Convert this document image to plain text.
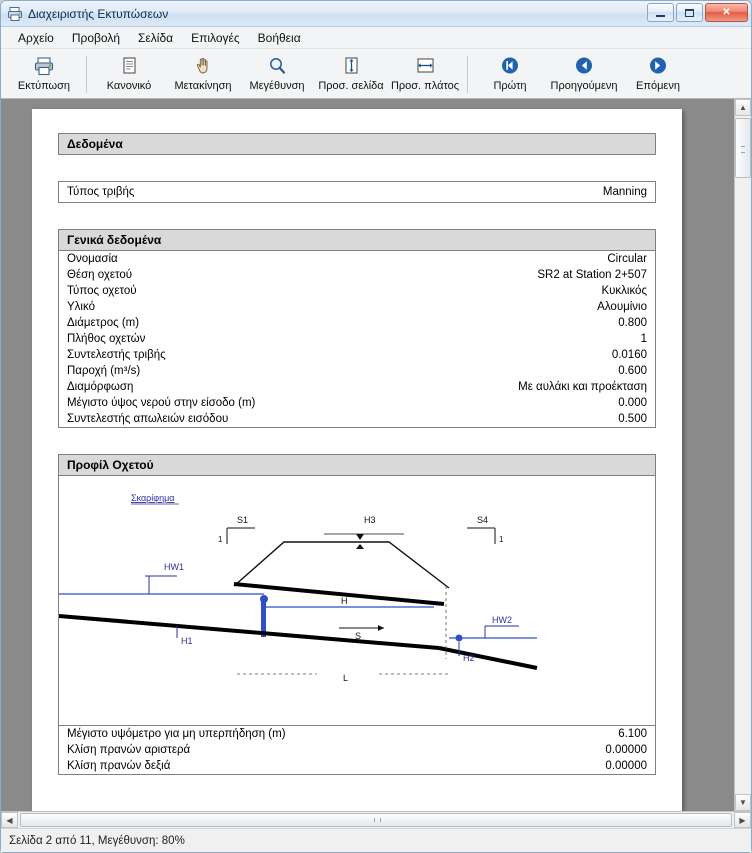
Διαχειριστής Εκτυπώσεων	✕
Αρχείο	Προβολή	Σελίδα	Επιλογές	Βοήθεια
Εκτύπωση	Κανονικό Μετακίνηση Μεγέθυνση Προσ. σελίδα Προσ. πλάτος	Πρώτη Προηγούμενη Επόμενη
Δεδομένα
Τύπος τριβής	Manning
Γενικά δεδομένα
Ονομασία	Circular
Θέση οχετού	SR2 at Station 2+507
Τύπος οχετού	Κυκλικός
Υλικό	Αλουμίνιο
Διάμετρος (m)	0.800
Πλήθος οχετών	1
Συντελεστής τριβής	0.0160
Παροχή (m³/s)	0.600
Διαμόρφωση	Με αυλάκι και προέκταση
Μέγιστο ύψος νερού στην είσοδο (m)	0.000
Συντελεστής απωλειών εισόδου	0.500
Προφίλ Οχετού
Σκαρίφημα
S1
1
H3	S4
1
HW1
H
H1	S
HW2
H2
L
Μέγιστο υψόμετρο για μη υπερπήδηση (m)	6.100
Κλίση πρανών αριστερά	0.00000
Κλίση πρανών δεξιά	0.00000
▲
▼
◀	▶
Σελίδα 2 από 11, Μεγέθυνση: 80%
